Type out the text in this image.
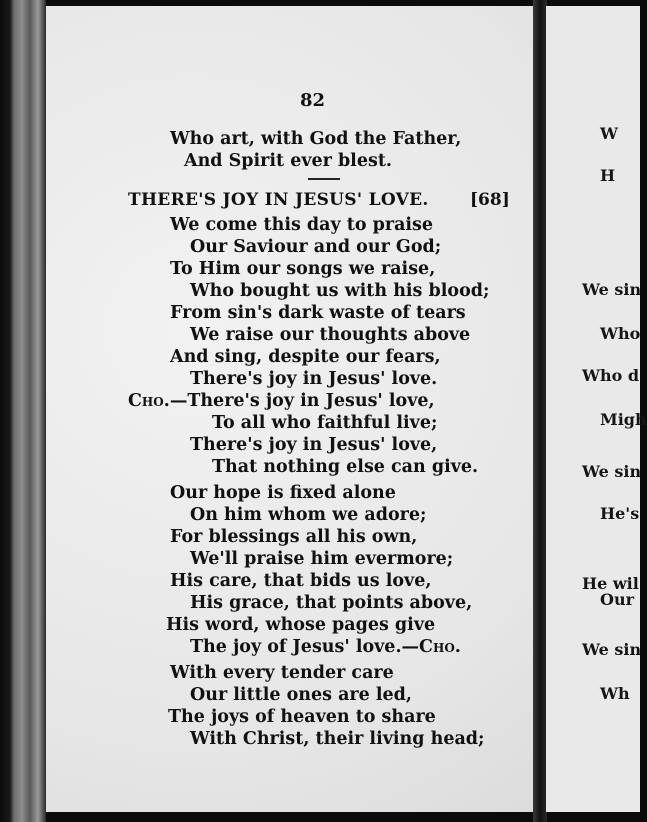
82
Who art, with God the Father,
And Spirit ever blest.
THERE'S JOY IN JESUS' LOVE. [68]
We come this day to praise
Our Saviour and our God;
To Him our songs we raise,
Who bought us with his blood;
From sin's dark waste of tears
We raise our thoughts above
And sing, despite our fears,
There's joy in Jesus' love.
Cho.—There's joy in Jesus' love,
To all who faithful live;
There's joy in Jesus' love,
That nothing else can give.
Our hope is fixed alone
On him whom we adore;
For blessings all his own,
We'll praise him evermore;
His care, that bids us love,
His grace, that points above,
His word, whose pages give
The joy of Jesus' love.—Cho.
With every tender care
Our little ones are led,
The joys of heaven to share
With Christ, their living head;
W
H
We sin
Who
Who d
Migh
We sin
He's
He wil
Our
We sin
Wh
